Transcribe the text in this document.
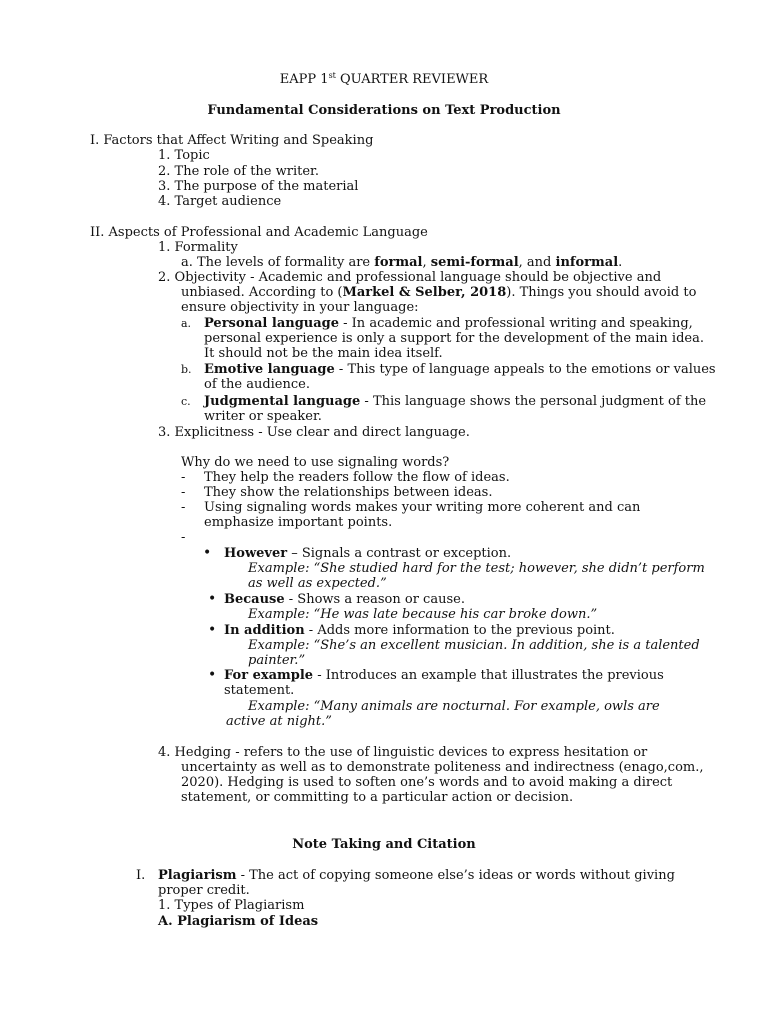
EAPP 1st QUARTER REVIEWER
Fundamental Considerations on Text Production
I. Factors that Affect Writing and Speaking
1. Topic
2. The role of the writer.
3. The purpose of the material
4. Target audience
II. Aspects of Professional and Academic Language
1. Formality
a. The levels of formality are formal, semi-formal, and informal.
2. Objectivity - Academic and professional language should be objective and
unbiased. According to (Markel & Selber, 2018). Things you should avoid to
ensure objectivity in your language:
a. Personal language - In academic and professional writing and speaking,
personal experience is only a support for the development of the main idea.
It should not be the main idea itself.
b. Emotive language - This type of language appeals to the emotions or values
of the audience.
c. Judgmental language - This language shows the personal judgment of the
writer or speaker.
3. Explicitness - Use clear and direct language.
Why do we need to use signaling words?
- They help the readers follow the flow of ideas.
- They show the relationships between ideas.
- Using signaling words makes your writing more coherent and can
emphasize important points.
-
• However – Signals a contrast or exception.
Example: “She studied hard for the test; however, she didn’t perform
as well as expected.”
• Because - Shows a reason or cause.
Example: “He was late because his car broke down.”
• In addition - Adds more information to the previous point.
Example: “She’s an excellent musician. In addition, she is a talented
painter.”
• For example - Introduces an example that illustrates the previous
statement.
Example: “Many animals are nocturnal. For example, owls are
active at night.”
4. Hedging - refers to the use of linguistic devices to express hesitation or
uncertainty as well as to demonstrate politeness and indirectness (enago,com.,
2020). Hedging is used to soften one’s words and to avoid making a direct
statement, or committing to a particular action or decision.
Note Taking and Citation
I. Plagiarism - The act of copying someone else’s ideas or words without giving
proper credit.
1. Types of Plagiarism
A. Plagiarism of Ideas
